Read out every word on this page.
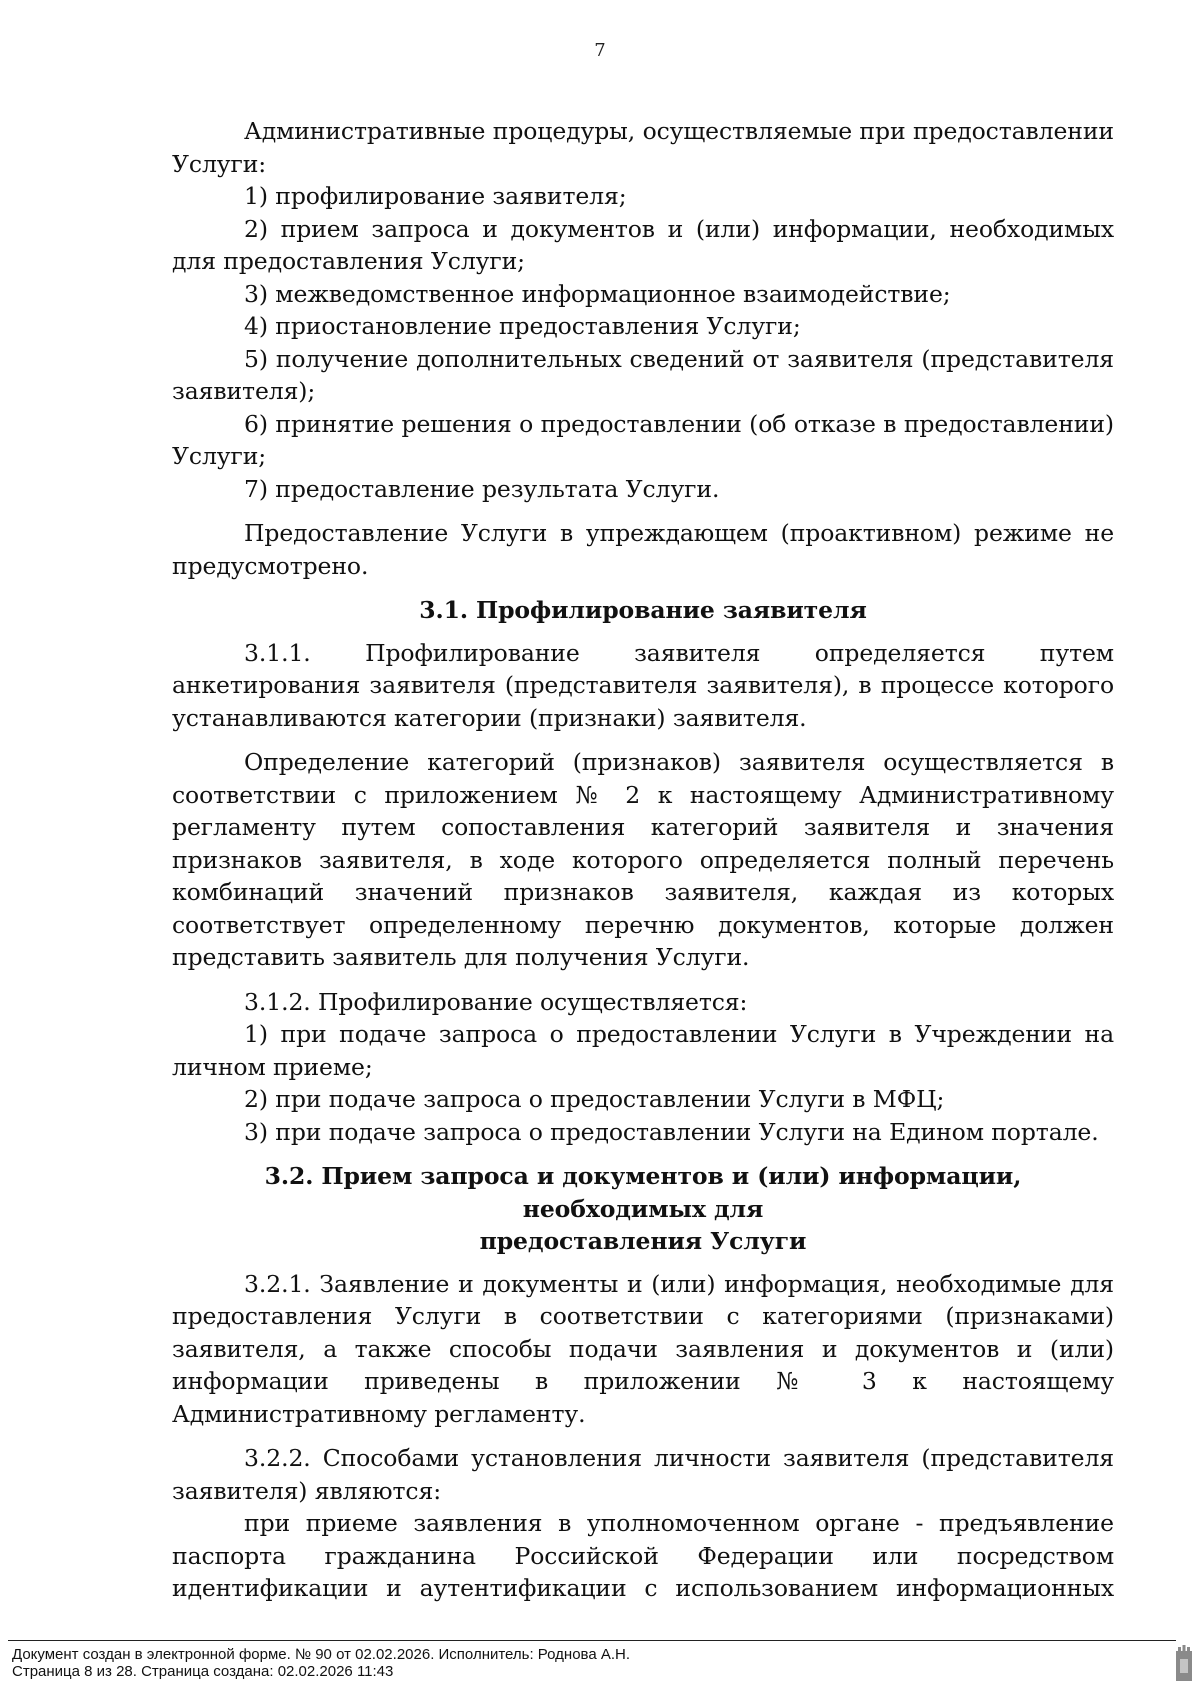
7

Административные процедуры, осуществляемые при предоставлении Услуги:

1) профилирование заявителя;

2) прием запроса и документов и (или) информации, необходимых для предоставления Услуги;

3) межведомственное информационное взаимодействие;

4) приостановление предоставления Услуги;

5) получение дополнительных сведений от заявителя (представителя заявителя);

6) принятие решения о предоставлении (об отказе в предоставлении) Услуги;

7) предоставление результата Услуги.

Предоставление Услуги в упреждающем (проактивном) режиме не предусмотрено.

3.1. Профилирование заявителя

3.1.1. Профилирование заявителя определяется путем анкетирования заявителя (представителя заявителя), в процессе которого устанавливаются категории (признаки) заявителя.

Определение категорий (признаков) заявителя осуществляется в соответствии с приложением № 2 к настоящему Административному регламенту путем сопоставления категорий заявителя и значения признаков заявителя, в ходе которого определяется полный перечень комбинаций значений признаков заявителя, каждая из которых соответствует определенному перечню документов, которые должен представить заявитель для получения Услуги.

3.1.2. Профилирование осуществляется:

1) при подаче запроса о предоставлении Услуги в Учреждении на личном приеме;

2) при подаче запроса о предоставлении Услуги в МФЦ;

3) при подаче запроса о предоставлении Услуги на Едином портале.

3.2. Прием запроса и документов и (или) информации, необходимых для
предоставления Услуги

3.2.1. Заявление и документы и (или) информация, необходимые для предоставления Услуги в соответствии с категориями (признаками) заявителя, а также способы подачи заявления и документов и (или) информации приведены в приложении № 3 к настоящему Административному регламенту.

3.2.2. Способами установления личности заявителя (представителя заявителя) являются:

при приеме заявления в уполномоченном органе - предъявление паспорта гражданина Российской Федерации или посредством идентификации и аутентификации с использованием информационных

Документ создан в электронной форме. № 90 от 02.02.2026. Исполнитель: Роднова А.Н.
Страница 8 из 28. Страница создана: 02.02.2026 11:43
